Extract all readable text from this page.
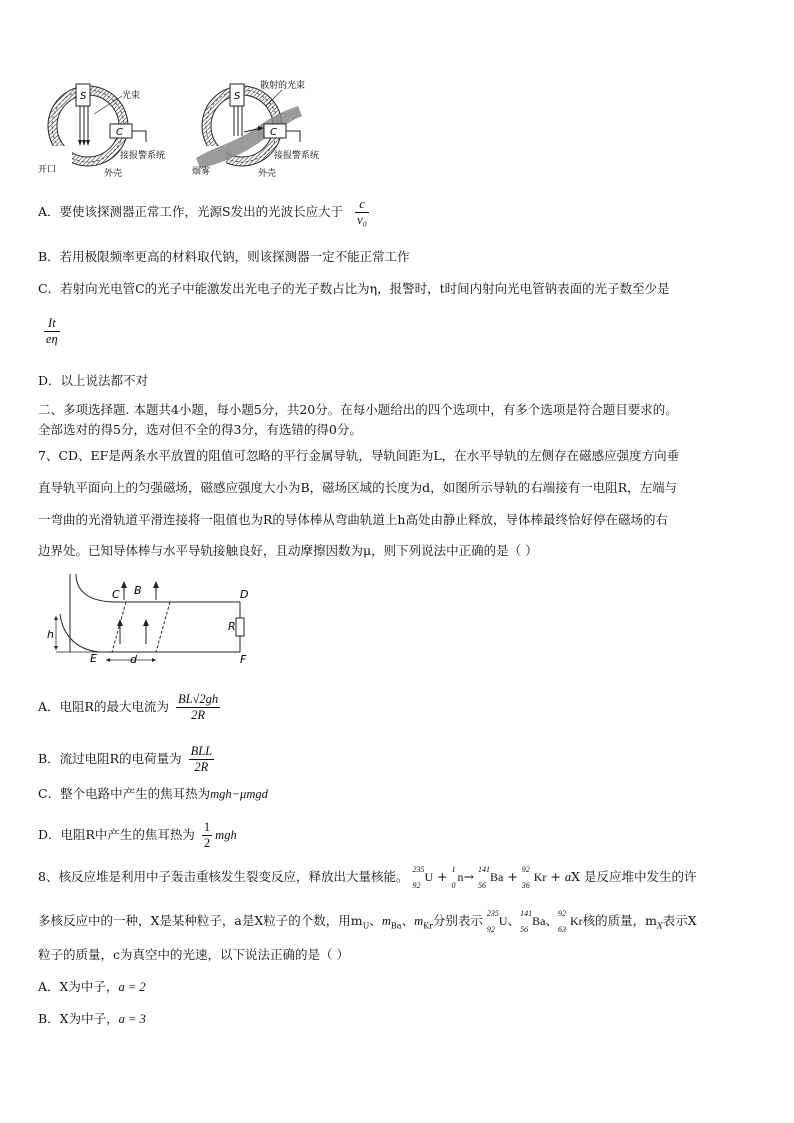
S
C
光束
接报警系统
开口	外壳
S
C
散射的光束
接报警系统
烟雾	外壳
A．要使该探测器正常工作，光源S发出的光波长应大于 $\frac{c}{\text{ν₀}}$
B．若用极限频率更高的材料取代钠，则该探测器一定不能正常工作
C．若射向光电管C的光子中能激发出光电子的光子数占比为η，报警时，t时间内射向光电管钠表面的光子数至少是
$\frac{It}{e\eta}$
D．以上说法都不对
二、多项选择题. 本题共4小题，每小题5分，共20分。在每小题给出的四个选项中，有多个选项是符合题目要求的。
全部选对的得5分，选对但不全的得3分，有选错的得0分。
7、CD、EF是两条水平放置的阻值可忽略的平行金属导轨，导轨间距为L，在水平导轨的左侧存在磁感应强度方向垂
直导轨平面向上的匀强磁场，磁感应强度大小为B，磁场区域的长度为d，如图所示导轨的右端接有一电阻R，左端与
一弯曲的光滑轨道平滑连接将一阻值也为R的导体棒从弯曲轨道上h高处由静止释放，导体棒最终恰好停在磁场的右
边界处。已知导体棒与水平导轨接触良好，且动摩擦因数为μ，则下列说法中正确的是（ ）
C B	D
R
h
E	d	F
A．电阻R的最大电流为 $\frac{BL√2gh}{2R}$
B．流过电阻R的电荷量为 $\frac{\text{BLL}}{2R}$
C．整个电路中产生的焦耳热为mgh−μmgd
D．电阻R中产生的焦耳热为 $\frac{1}{2}$ mgh
8、核反应堆是利用中子轰击重核发生裂变反应，释放出大量核能。 235
92
U + 1
0
n→ 141
56
Ba + 92
36
Kr + aX 是反应堆中发生的许
多核反应中的一种，X是某种粒子，a是X粒子的个数，用$m_U$、$m_{Ba}$、$m_{Kr}$分别表示 235
92
U、 141
56
Ba、 92
63
Kr核的质量，$m_X$表示X
粒子的质量，c为真空中的光速，以下说法正确的是（ ）
A．X为中子，a = 2
B．X为中子，a = 3
